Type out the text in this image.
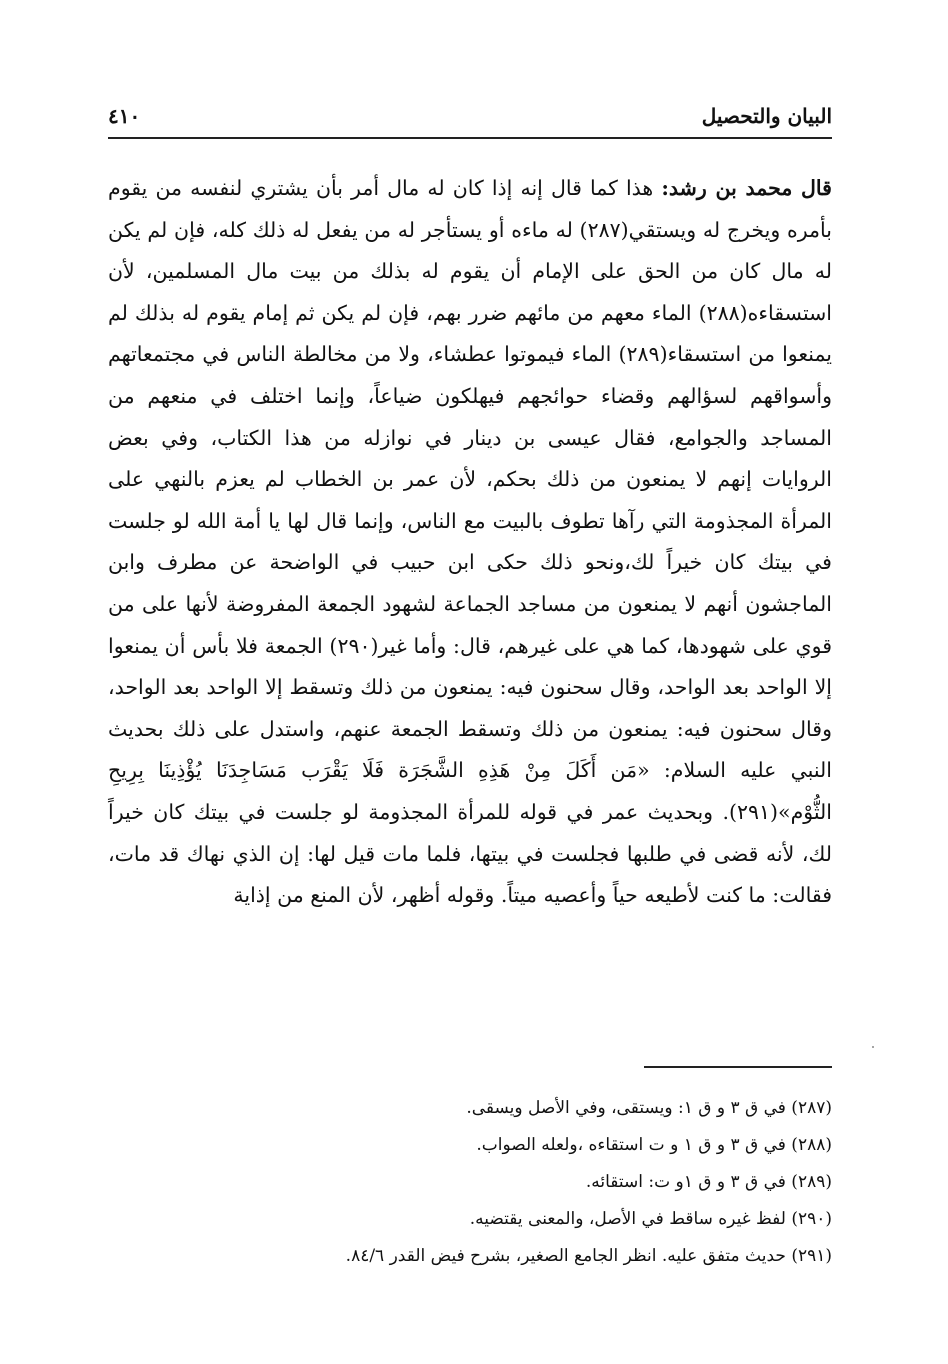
البيان والتحصيل
٤١٠

قال محمد بن رشد: هذا كما قال إنه إذا كان له مال أمر بأن يشتري لنفسه من يقوم بأمره ويخرج له ويستقي(٢٨٧) له ماءه أو يستأجر له من يفعل له ذلك كله، فإن لم يكن له مال كان من الحق على الإمام أن يقوم له بذلك من بيت مال المسلمين، لأن استسقاءه(٢٨٨) الماء معهم من مائهم ضرر بهم، فإن لم يكن ثم إمام يقوم له بذلك لم يمنعوا من استسقاء(٢٨٩) الماء فيموتوا عطشاء، ولا من مخالطة الناس في مجتمعاتهم وأسواقهم لسؤالهم وقضاء حوائجهم فيهلكون ضياعاً، وإنما اختلف في منعهم من المساجد والجوامع، فقال عيسى بن دينار في نوازله من هذا الكتاب، وفي بعض الروايات إنهم لا يمنعون من ذلك بحكم، لأن عمر بن الخطاب لم يعزم بالنهي على المرأة المجذومة التي رآها تطوف بالبيت مع الناس، وإنما قال لها يا أمة الله لو جلست في بيتك كان خيراً لك،ونحو ذلك حكى ابن حبيب في الواضحة عن مطرف وابن الماجشون أنهم لا يمنعون من مساجد الجماعة لشهود الجمعة المفروضة لأنها على من قوي على شهودها، كما هي على غيرهم، قال: وأما غير(٢٩٠) الجمعة فلا بأس أن يمنعوا إلا الواحد بعد الواحد، وقال سحنون فيه: يمنعون من ذلك وتسقط إلا الواحد بعد الواحد، وقال سحنون فيه: يمنعون من ذلك وتسقط الجمعة عنهم، واستدل على ذلك بحديث النبي عليه السلام: «مَن أَكَلَ مِنْ هَذِهِ الشَّجَرَة فَلَا يَقْرَب مَسَاجِدَنَا يُؤْذِينَا بِرِيحِ الثُّوْم»(٢٩١). وبحديث عمر في قوله للمرأة المجذومة لو جلست في بيتك كان خيراً لك، لأنه قضى في طلبها فجلست في بيتها، فلما مات قيل لها: إن الذي نهاك قد مات، فقالت: ما كنت لأطيعه حياً وأعصيه ميتاً. وقوله أظهر، لأن المنع من إذاية

(٢٨٧) في ق ٣ و ق ١: ويستقى، وفي الأصل ويسقى.
(٢٨٨) في ق ٣ و ق ١ و ت استقاءه ،ولعله الصواب.
(٢٨٩) في ق ٣ و ق ١و ت: استقائه.
(٢٩٠) لفظ غيره ساقط في الأصل، والمعنى يقتضيه.
(٢٩١) حديث متفق عليه. انظر الجامع الصغير، بشرح فيض القدر ٨٤/٦.
